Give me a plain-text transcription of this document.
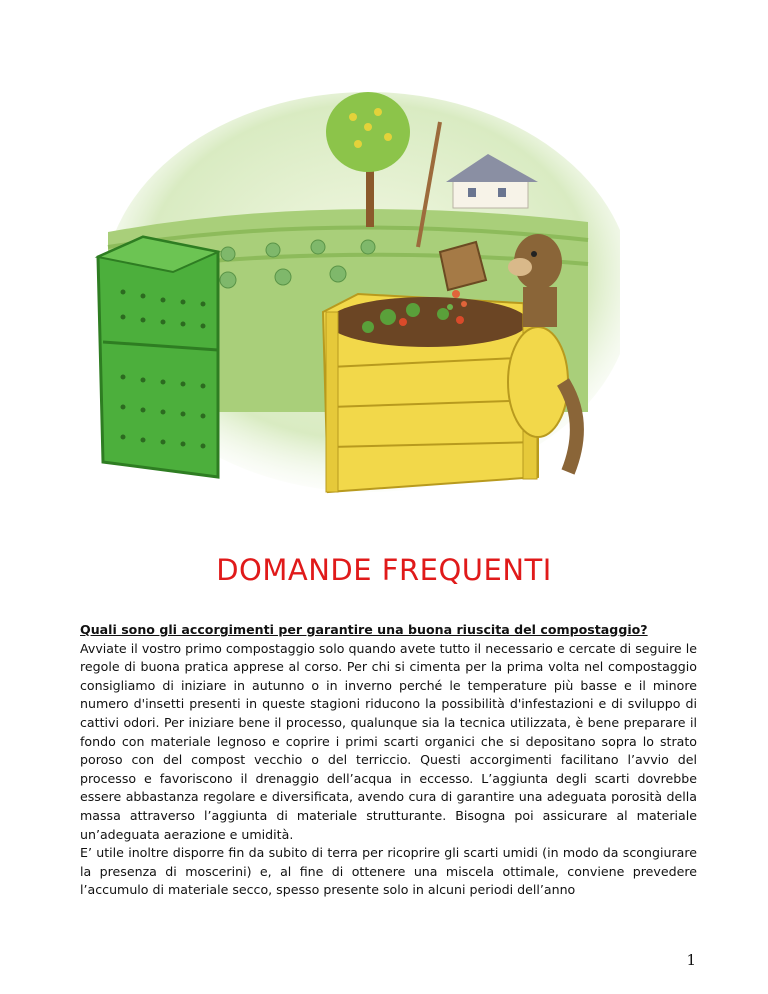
DOMANDE FREQUENTI

Quali sono gli accorgimenti per garantire una buona riuscita del compostaggio?

Avviate il vostro primo compostaggio solo quando avete tutto il necessario e cercate di seguire le regole di buona pratica apprese al corso. Per chi si cimenta per la prima volta nel compostaggio consigliamo di iniziare in autunno o in inverno perché le temperature più basse e il minore numero d'insetti presenti in queste stagioni riducono la possibilità d'infestazioni e di sviluppo di cattivi odori. Per iniziare bene il processo, qualunque sia la tecnica utilizzata, è bene preparare il fondo con materiale legnoso e coprire i primi scarti organici che si depositano sopra lo strato poroso con del compost vecchio o del terriccio. Questi accorgimenti facilitano l’avvio del processo e favoriscono il drenaggio dell’acqua in eccesso. L’aggiunta degli scarti dovrebbe essere abbastanza regolare e diversificata, avendo cura di garantire una adeguata porosità della massa attraverso l’aggiunta di materiale strutturante. Bisogna poi assicurare al materiale un’adeguata aerazione e umidità.

E’ utile inoltre disporre fin da subito di terra per ricoprire gli scarti umidi (in modo da scongiurare la presenza di moscerini) e, al fine di ottenere una miscela ottimale, conviene prevedere l’accumulo di materiale secco, spesso presente solo in alcuni periodi dell’anno

1
